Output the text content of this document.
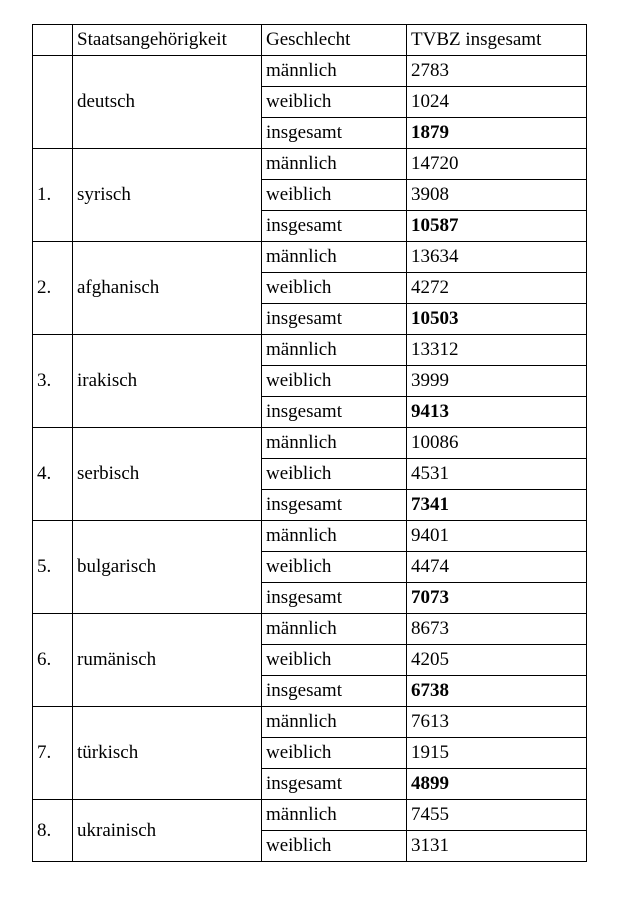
	Staatsangehörigkeit	Geschlecht	TVBZ insgesamt
	deutsch	männlich	2783
		weiblich	1024
		insgesamt	1879
1.	syrisch	männlich	14720
		weiblich	3908
		insgesamt	10587
2.	afghanisch	männlich	13634
		weiblich	4272
		insgesamt	10503
3.	irakisch	männlich	13312
		weiblich	3999
		insgesamt	9413
4.	serbisch	männlich	10086
		weiblich	4531
		insgesamt	7341
5.	bulgarisch	männlich	9401
		weiblich	4474
		insgesamt	7073
6.	rumänisch	männlich	8673
		weiblich	4205
		insgesamt	6738
7.	türkisch	männlich	7613
		weiblich	1915
		insgesamt	4899
8.	ukrainisch	männlich	7455
		weiblich	3131
